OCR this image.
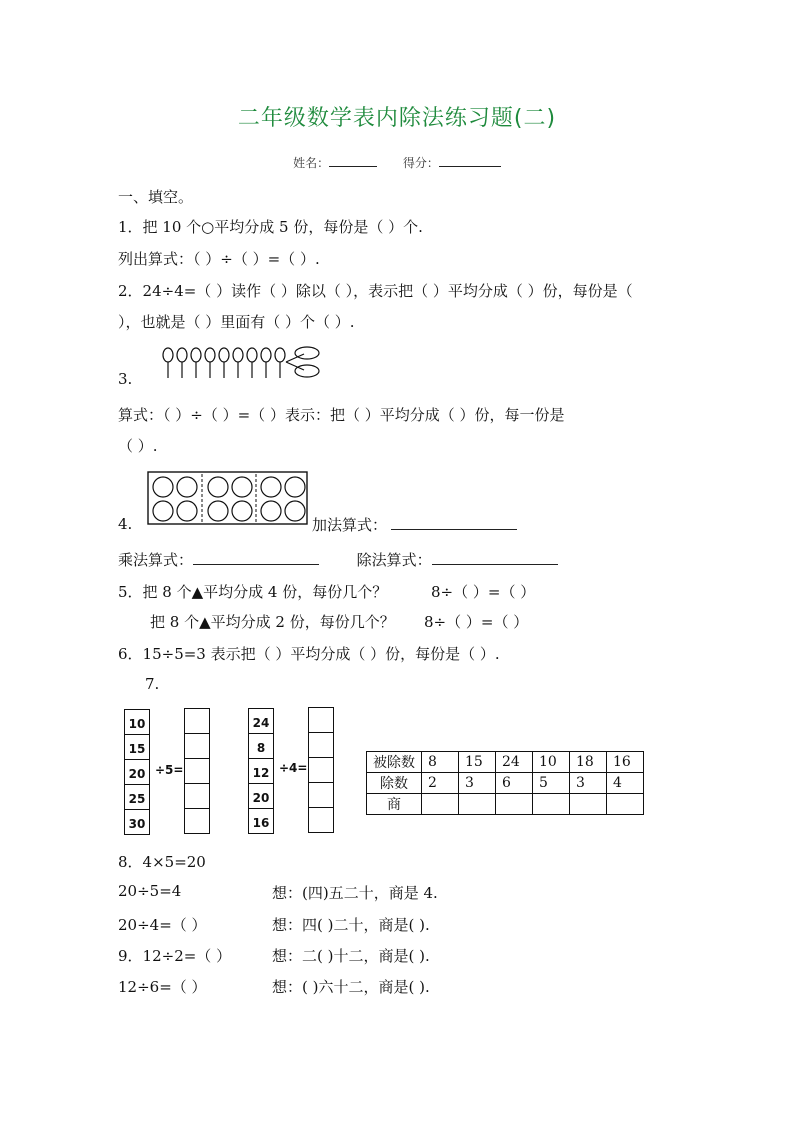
二年级数学表内除法练习题(二)
姓名：	得分：
一、填空。
1．把 10 个○平均分成 5 份，每份是（ ）个.
列出算式：（ ）÷（ ）=（ ）.
2．24÷4=（ ）读作（ ）除以（ ），表示把（ ）平均分成（ ）份，每份是（
），也就是（ ）里面有（ ）个（ ）.
3.
算式：（ ）÷（ ）=（ ）表示：把（ ）平均分成（ ）份，每一份是
（ ）.
4.	加法算式：
乘法算式：	除法算式：
5．把 8 个▲平均分成 4 份，每份几个？	8÷（ ）=（ ）
把 8 个▲平均分成 2 份，每份几个？ 8÷（ ）=（ ）
6．15÷5=3 表示把（ ）平均分成（ ）份，每份是（ ）.
7.
10
15
20
25
30
÷5=
24
8
12
20
16
÷4=	被除数	8	15	24	10	18	16
除数	2	3	6	5	3	4
商						
8．4×5=20
20÷5=4	想：(四)五二十，商是 4.
20÷4=（ ）	想：四( )二十，商是( ).
9．12÷2=（ ）	想：二( )十二，商是( ).
12÷6=（ ）	想：( )六十二，商是( ).
